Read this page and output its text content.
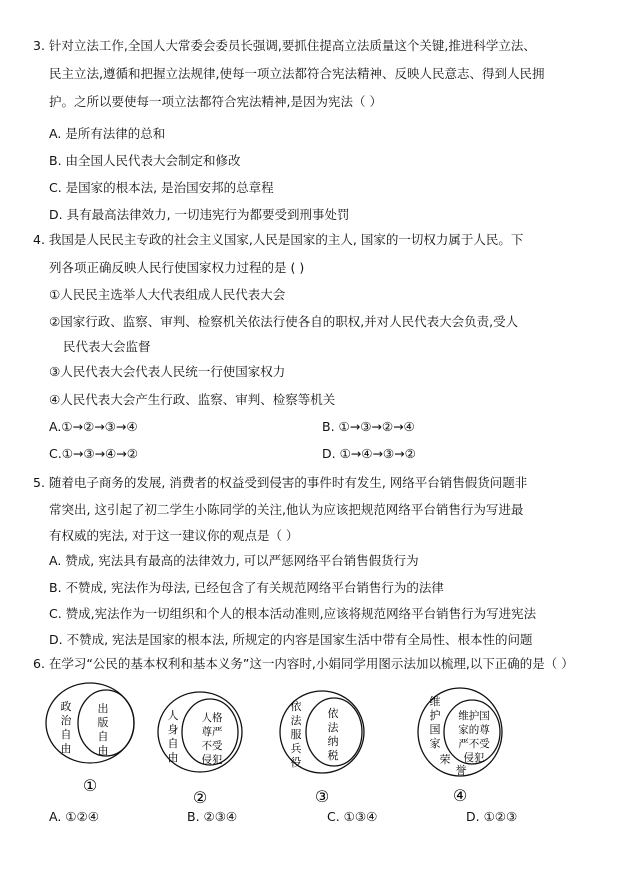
3. 针对立法工作,全国人大常委会委员长强调,要抓住提高立法质量这个关键,推进科学立法、
民主立法,遵循和把握立法规律,使每一项立法都符合宪法精神、反映人民意志、得到人民拥
护。之所以要使每一项立法都符合宪法精神,是因为宪法（ ）
A. 是所有法律的总和
B. 由全国人民代表大会制定和修改
C. 是国家的根本法, 是治国安邦的总章程
D. 具有最高法律效力, 一切违宪行为都要受到刑事处罚
4. 我国是人民民主专政的社会主义国家,人民是国家的主人, 国家的一切权力属于人民。下
列各项正确反映人民行使国家权力过程的是 ( )
①人民民主选举人大代表组成人民代表大会
②国家行政、监察、审判、检察机关依法行使各自的职权,并对人民代表大会负责,受人
民代表大会监督
③人民代表大会代表人民统一行使国家权力
④人民代表大会产生行政、监察、审判、检察等机关
A.①→②→③→④	B. ①→③→②→④
C.①→③→④→②	D. ①→④→③→②
5. 随着电子商务的发展, 消费者的权益受到侵害的事件时有发生, 网络平台销售假货问题非
常突出, 这引起了初二学生小陈同学的关注,他认为应该把规范网络平台销售行为写进最
有权威的宪法, 对于这一建议你的观点是（ ）
A. 赞成, 宪法具有最高的法律效力, 可以严惩网络平台销售假货行为
B. 不赞成, 宪法作为母法, 已经包含了有关规范网络平台销售行为的法律
C. 赞成,宪法作为一切组织和个人的根本活动准则,应该将规范网络平台销售行为写进宪法
D. 不赞成, 宪法是国家的根本法, 所规定的内容是国家生活中带有全局性、根本性的问题
6. 在学习“公民的基本权利和基本义务”这一内容时,小娟同学用图示法加以梳理,以下正确的是（ ）
政
治
自
由
出
版
自
由
①
人
身
自
由
人格
尊严
不受
侵犯
②
依
法
服
兵
役
依
法
纳
税
③
维
护
国
家
荣
誉
维护国
家的尊
严不受
侵犯
④
A. ①②④	B. ②③④	C. ①③④	D. ①②③
